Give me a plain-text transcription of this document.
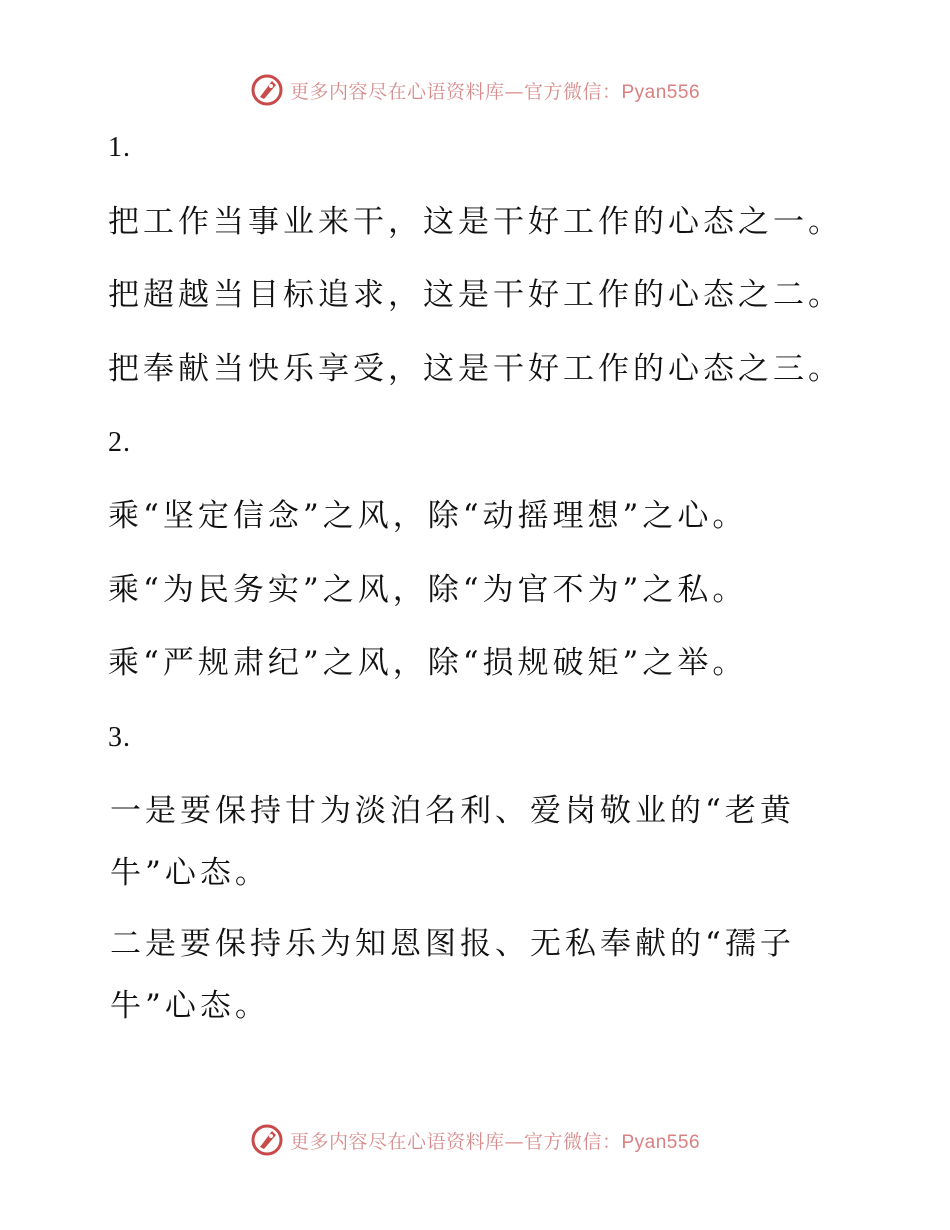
更多内容尽在心语资料库—官方微信：Pyan556
1.
把工作当事业来干，这是干好工作的心态之一。
把超越当目标追求，这是干好工作的心态之二。
把奉献当快乐享受，这是干好工作的心态之三。
2.
乘“坚定信念”之风，除“动摇理想”之心。
乘“为民务实”之风，除“为官不为”之私。
乘“严规肃纪”之风，除“损规破矩”之举。
3.
一是要保持甘为淡泊名利、爱岗敬业的“老黄牛”心态。
二是要保持乐为知恩图报、无私奉献的“孺子牛”心态。
更多内容尽在心语资料库—官方微信：Pyan556
